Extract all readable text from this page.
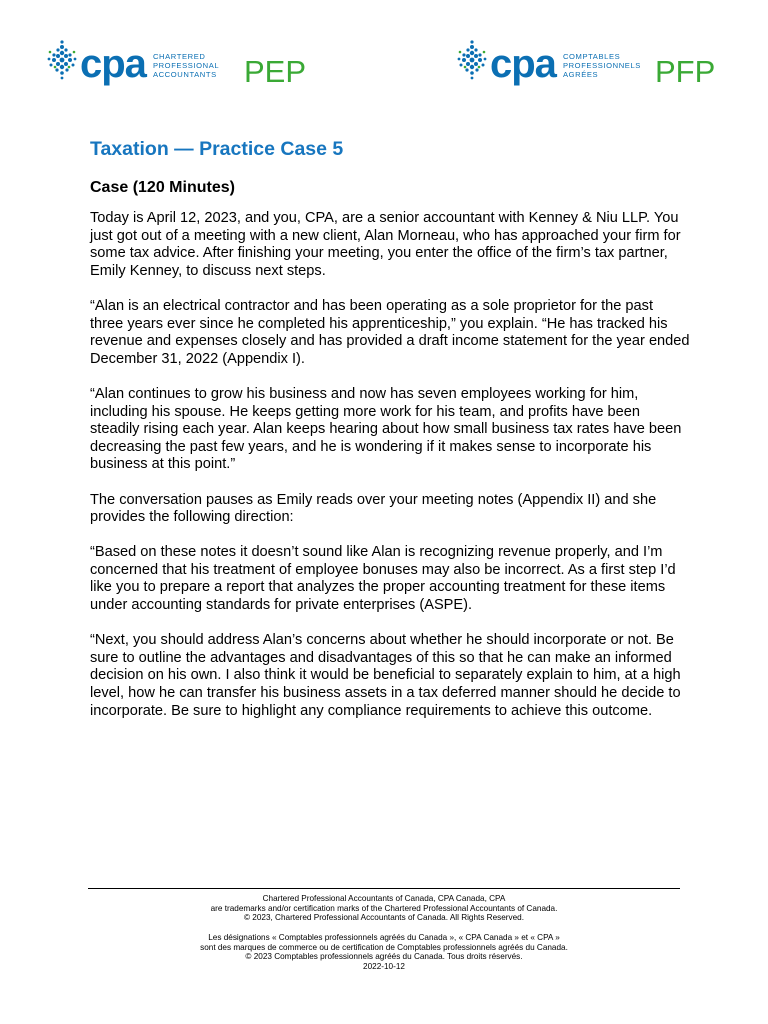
cpa CHARTERED
PROFESSIONAL
ACCOUNTANTS PEP	cpa COMPTABLES
PROFESSIONNELS
AGRÉES	PFP
Taxation — Practice Case 5
Case (120 Minutes)

Today is April 12, 2023, and you, CPA, are a senior accountant with Kenney & Niu LLP. You just got out of a meeting with a new client, Alan Morneau, who has approached your firm for some tax advice. After finishing your meeting, you enter the office of the firm’s tax partner, Emily Kenney, to discuss next steps.

“Alan is an electrical contractor and has been operating as a sole proprietor for the past three years ever since he completed his apprenticeship,” you explain. “He has tracked his revenue and expenses closely and has provided a draft income statement for the year ended December 31, 2022 (Appendix I).

“Alan continues to grow his business and now has seven employees working for him, including his spouse. He keeps getting more work for his team, and profits have been steadily rising each year. Alan keeps hearing about how small business tax rates have been decreasing the past few years, and he is wondering if it makes sense to incorporate his business at this point.”

The conversation pauses as Emily reads over your meeting notes (Appendix II) and she provides the following direction:

“Based on these notes it doesn’t sound like Alan is recognizing revenue properly, and I’m concerned that his treatment of employee bonuses may also be incorrect. As a first step I’d like you to prepare a report that analyzes the proper accounting treatment for these items under accounting standards for private enterprises (ASPE).

“Next, you should address Alan’s concerns about whether he should incorporate or not. Be sure to outline the advantages and disadvantages of this so that he can make an informed decision on his own. I also think it would be beneficial to separately explain to him, at a high level, how he can transfer his business assets in a tax deferred manner should he decide to incorporate. Be sure to highlight any compliance requirements to achieve this outcome.

Chartered Professional Accountants of Canada, CPA Canada, CPA
are trademarks and/or certification marks of the Chartered Professional Accountants of Canada.
© 2023, Chartered Professional Accountants of Canada. All Rights Reserved.
Les désignations « Comptables professionnels agréés du Canada », « CPA Canada » et « CPA »
sont des marques de commerce ou de certification de Comptables professionnels agréés du Canada.
© 2023 Comptables professionnels agréés du Canada. Tous droits réservés.
2022-10-12
